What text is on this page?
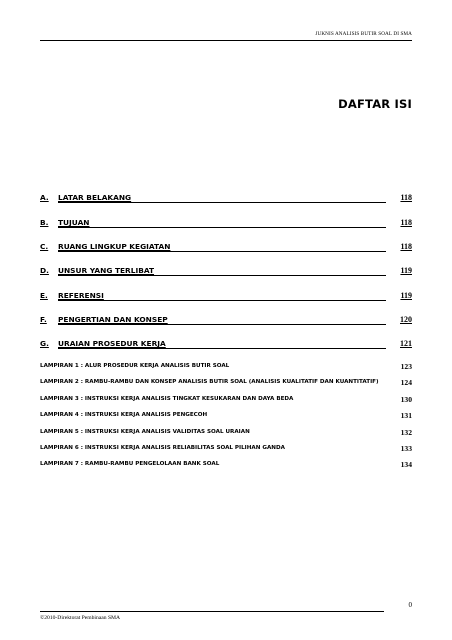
JUKNIS ANALISIS BUTIR SOAL DI SMA
DAFTAR ISI
A. LATAR BELAKANG	118
B. TUJUAN	118
C. RUANG LINGKUP KEGIATAN	118
D. UNSUR YANG TERLIBAT	119
E. REFERENSI	119
F. PENGERTIAN DAN KONSEP	120
G. URAIAN PROSEDUR KERJA	121
LAMPIRAN 1 : ALUR PROSEDUR KERJA ANALISIS BUTIR SOAL	123
LAMPIRAN 2 : RAMBU-RAMBU DAN KONSEP ANALISIS BUTIR SOAL (ANALISIS KUALITATIF DAN KUANTITATIF)	124
LAMPIRAN 3 : INSTRUKSI KERJA ANALISIS TINGKAT KESUKARAN DAN DAYA BEDA	130
LAMPIRAN 4 : INSTRUKSI KERJA ANALISIS PENGECOH	131
LAMPIRAN 5 : INSTRUKSI KERJA ANALISIS VALIDITAS SOAL URAIAN	132
LAMPIRAN 6 : INSTRUKSI KERJA ANALISIS RELIABILITAS SOAL PILIHAN GANDA	133
LAMPIRAN 7 : RAMBU-RAMBU PENGELOLAAN BANK SOAL	134
0
©2010-Direktorat Pembinaan SMA
